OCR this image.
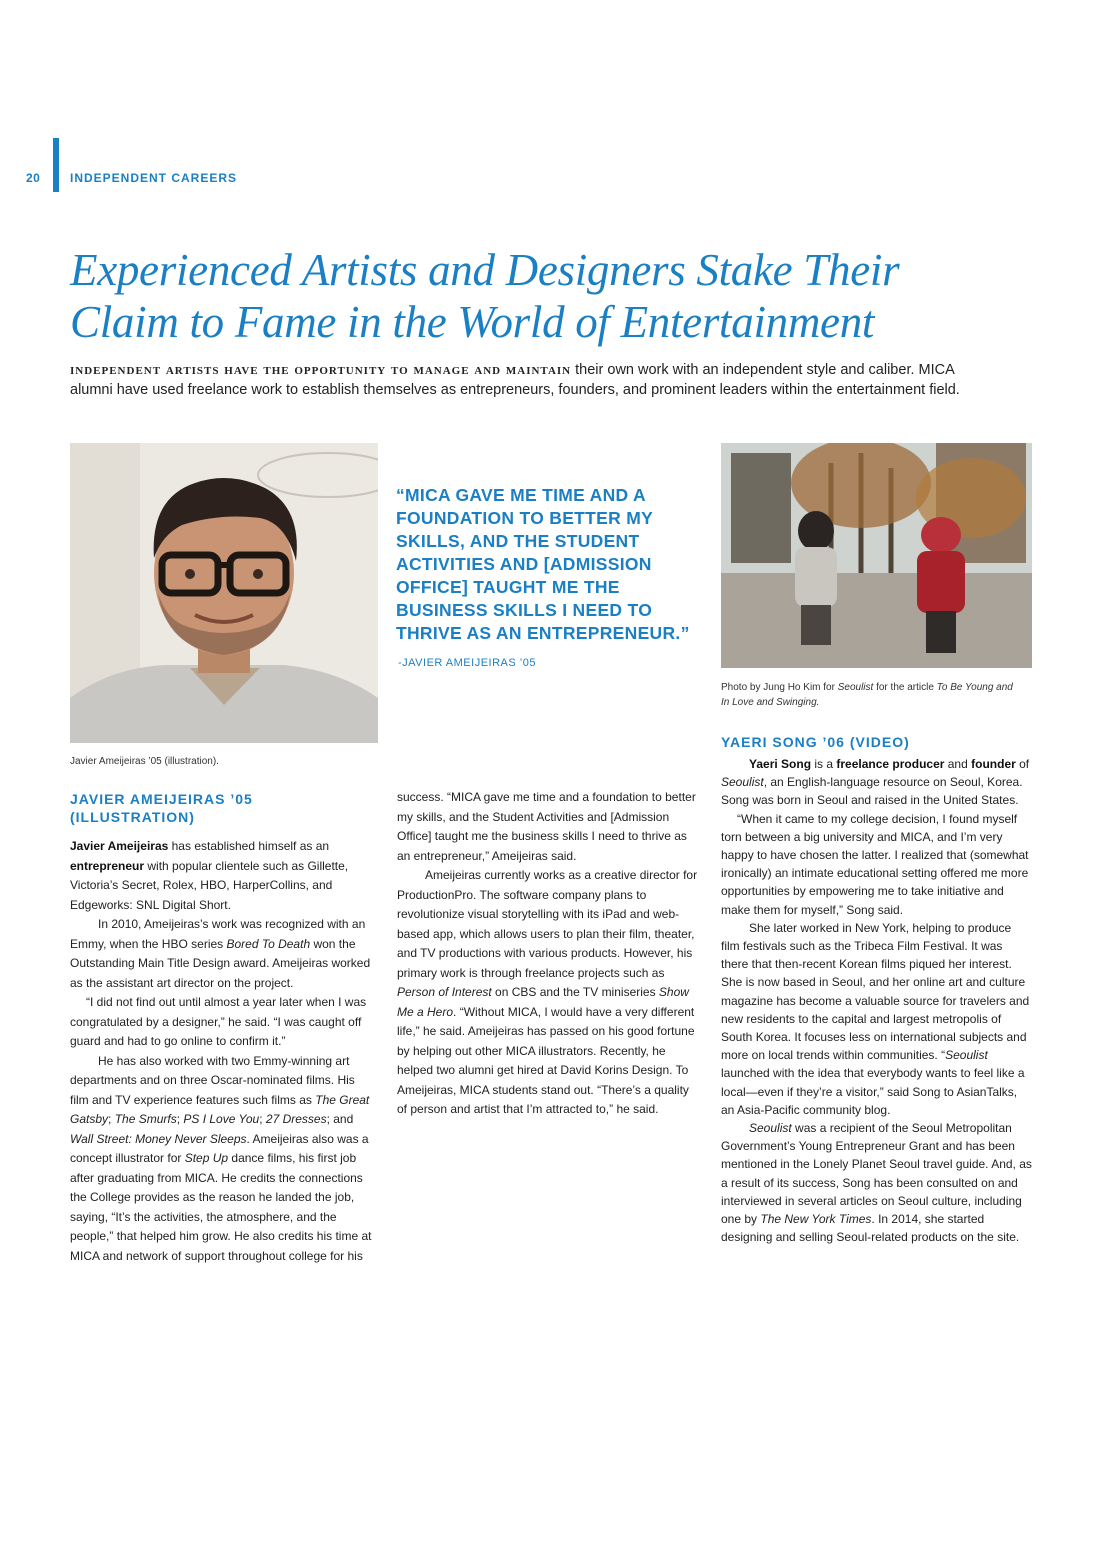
20 INDEPENDENT CAREERS
Experienced Artists and Designers Stake Their
Claim to Fame in the World of Entertainment

independent artists have the opportunity to manage and maintain their own work with an independent style and caliber. MICA alumni have used freelance work to establish themselves as entrepreneurs, founders, and prominent leaders within the entertainment field.

Javier Ameijeiras ’05 (illustration).

“MICA GAVE ME TIME AND A FOUNDATION TO BETTER MY SKILLS, AND THE STUDENT ACTIVITIES AND [ADMISSION OFFICE] TAUGHT ME THE BUSINESS SKILLS I NEED TO THRIVE AS AN ENTREPRENEUR.”

-JAVIER AMEIJEIRAS ’05

Photo by Jung Ho Kim for Seoulist for the article To Be Young and In Love and Swinging.

JAVIER AMEIJEIRAS ’05 (ILLUSTRATION)

Javier Ameijeiras has established himself as an entrepreneur with popular clientele such as Gillette, Victoria’s Secret, Rolex, HBO, HarperCollins, and Edgeworks: SNL Digital Short.

In 2010, Ameijeiras’s work was recognized with an Emmy, when the HBO series Bored To Death won the Outstanding Main Title Design award. Ameijeiras worked as the assistant art director on the project.

“I did not find out until almost a year later when I was congratulated by a designer,” he said. “I was caught off guard and had to go online to confirm it.”

He has also worked with two Emmy-winning art departments and on three Oscar-nominated films. His film and TV experience features such films as The Great Gatsby; The Smurfs; PS I Love You; 27 Dresses; and Wall Street: Money Never Sleeps. Ameijeiras also was a concept illustrator for Step Up dance films, his first job after graduating from MICA. He credits the connections the College provides as the reason he landed the job, saying, “It’s the activities, the atmosphere, and the people,” that helped him grow. He also credits his time at MICA and network of support throughout college for his

success. “MICA gave me time and a foundation to better my skills, and the Student Activities and [Admission Office] taught me the business skills I need to thrive as an entrepreneur,” Ameijeiras said.

Ameijeiras currently works as a creative director for ProductionPro. The software company plans to revolutionize visual storytelling with its iPad and web-based app, which allows users to plan their film, theater, and TV productions with various products. However, his primary work is through freelance projects such as Person of Interest on CBS and the TV miniseries Show Me a Hero. “Without MICA, I would have a very different life,” he said. Ameijeiras has passed on his good fortune by helping out other MICA illustrators. Recently, he helped two alumni get hired at David Korins Design. To Ameijeiras, MICA students stand out. “There’s a quality of person and artist that I’m attracted to,” he said.

YAERI SONG ’06 (VIDEO)

Yaeri Song is a freelance producer and founder of Seoulist, an English-language resource on Seoul, Korea. Song was born in Seoul and raised in the United States.

“When it came to my college decision, I found myself torn between a big university and MICA, and I’m very happy to have chosen the latter. I realized that (somewhat ironically) an intimate educational setting offered me more opportunities by empowering me to take initiative and make them for myself,” Song said.

She later worked in New York, helping to produce film festivals such as the Tribeca Film Festival. It was there that then-recent Korean films piqued her interest. She is now based in Seoul, and her online art and culture magazine has become a valuable source for travelers and new residents to the capital and largest metropolis of South Korea. It focuses less on international subjects and more on local trends within communities. “Seoulist launched with the idea that everybody wants to feel like a local—even if they’re a visitor,” said Song to AsianTalks, an Asia-Pacific community blog.

Seoulist was a recipient of the Seoul Metropolitan Government’s Young Entrepreneur Grant and has been mentioned in the Lonely Planet Seoul travel guide. And, as a result of its success, Song has been consulted on and interviewed in several articles on Seoul culture, including one by The New York Times. In 2014, she started designing and selling Seoul-related products on the site.
